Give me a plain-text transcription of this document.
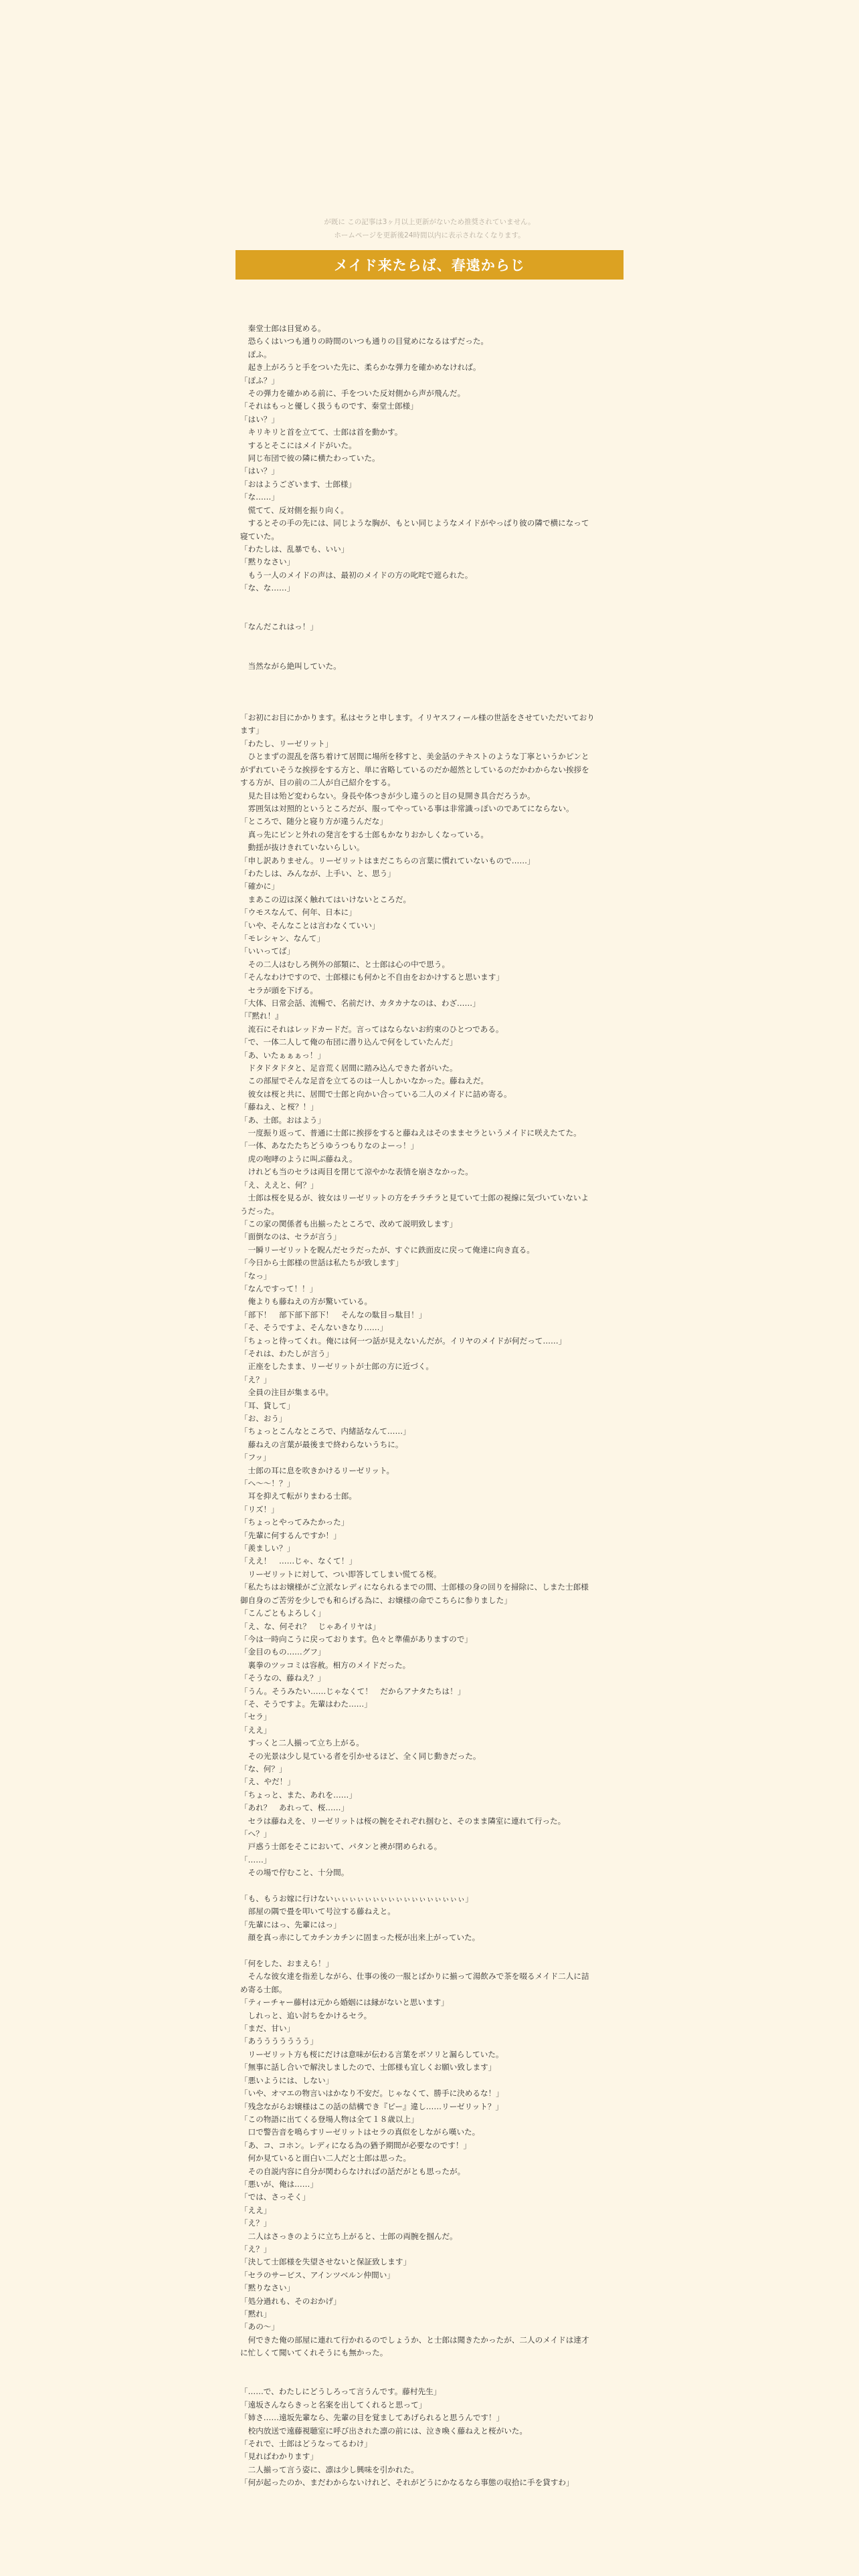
が既に この記事は3ヶ月以上更新がないため推奨されていません。
ホームページを更新後24時間以内に表示されなくなります。
メイド来たらば、春遠からじ

　秦堂士郎は目覚める。

　恐らくはいつも通りの時間のいつも通りの目覚めになるはずだった。

　ぽふ。

　起き上がろうと手をついた先に、柔らかな弾力を確かめなければ。

「ぽふ？」

　その弾力を確かめる前に、手をついた反対側から声が飛んだ。

「それはもっと優しく扱うものです、秦堂士郎様」

「はい？」

　キリキリと首を立てて、士郎は首を動かす。

　するとそこにはメイドがいた。

　同じ布団で彼の隣に横たわっていた。

「はい？」

「おはようございます、士郎様」

「な……」

　慌てて、反対側を振り向く。

　するとその手の先には、同じような胸が、もとい同じようなメイドがやっぱり彼の隣で横になって寝ていた。

「わたしは、乱暴でも、いい」

「黙りなさい」

　もう一人のメイドの声は、最初のメイドの方の叱咤で遮られた。

「な、な……」

「なんだこれはっ！」

　当然ながら絶叫していた。

「お初にお目にかかります。私はセラと申します。イリヤスフィール様の世話をさせていただいております」

「わたし、リーゼリット」

　ひとまずの混乱を落ち着けて居間に場所を移すと、美金話のテキストのような丁寧というかピンとがずれていそうな挨拶をする方と、単に省略しているのだか超然としているのだかわからない挨拶をする方が、目の前の二人が自己紹介をする。

　見た目は殆ど変わらない。身長や体つきが少し違うのと目の見開き具合だろうか。

　雰囲気は対照的というところだが、服ってやっている事は非常識っぽいのであてにならない。

「ところで、随分と寝り方が違うんだな」

　真っ先にピンと外れの発言をする士郎もかなりおかしくなっている。

　動揺が抜けきれていないらしい。

「申し訳ありません。リーゼリットはまだこちらの言葉に慣れていないもので……」

「わたしは、みんなが、上手い、と、思う」

「確かに」

　まあこの辺は深く触れてはいけないところだ。

「ウモスなんて、何年、日本に」

「いや、そんなことは言わなくていい」

「モレシャン、なんて」

「いいってば」

　その二人はむしろ例外の部類に、と士郎は心の中で思う。

「そんなわけですので、士郎様にも何かと不自由をおかけすると思います」

　セラが頭を下げる。

「大体、日常会話、流暢で、名前だけ、カタカナなのは、わざ……」

「『黙れ！』

　流石にそれはレッドカードだ。言ってはならないお約束のひとつである。

「で、一体二人して俺の布団に潜り込んで何をしていたんだ」

「あ、いたぁぁぁっ！」

　ドタドタドタと、足音荒く居間に踏み込んできた者がいた。

　この部屋でそんな足音を立てるのは一人しかいなかった。藤ねえだ。

　彼女は桜と共に、居間で士郎と向かい合っている二人のメイドに詰め寄る。

「藤ねえ、と桜？！」

「あ、士郎。おはよう」

　一度振り返って、普通に士郎に挨拶をすると藤ねえはそのままセラというメイドに咲えたてた。

「一体、あなたたちどうゆうつもりなのよーっ！」

　虎の咆哮のように叫ぶ藤ねえ。

　けれども当のセラは両目を閉じて涼やかな表情を崩さなかった。

「え、ええと、何？」

　士郎は桜を見るが、彼女はリーゼリットの方をチラチラと見ていて士郎の視線に気づいていないようだった。

「この家の関係者も出揃ったところで、改めて説明致します」

「面倒なのは、セラが言う」

　一瞬リーゼリットを睨んだセラだったが、すぐに鉄面皮に戻って俺達に向き直る。

「今日から士郎様の世話は私たちが致します」

「なっ」

「なんですって！！」

　俺よりも藤ねえの方が驚いている。

「部下！　部下部下部下！　そんなの駄目っ駄目！」

「そ、そうですよ、そんないきなり……」

「ちょっと待ってくれ。俺には何一つ話が見えないんだが。イリヤのメイドが何だって……」

「それは、わたしが言う」

　正座をしたまま、リーゼリットが士郎の方に近づく。

「え？」

　全員の注目が集まる中。

「耳、貸して」

「お、おう」

「ちょっとこんなところで、内緒話なんて……」

　藤ねえの言葉が最後まで終わらないうちに。

「フッ」

　士郎の耳に息を吹きかけるリーゼリット。

「へ〜〜！？」

　耳を抑えて転がりまわる士郎。

「リズ！」

「ちょっとやってみたかった」

「先輩に何するんですか！」

「羨ましい？」

「ええ！　……じゃ、なくて！」

　リーゼリットに対して、つい即答してしまい慌てる桜。

「私たちはお嬢様がご立派なレディになられるまでの間、士郎様の身の回りを掃除に、しまた士郎様御自身のご苦労を少しでも和らげる為に、お嬢様の命でこちらに参りました」

「こんごともよろしく」

「え、な、何それ？　じゃあイリヤは」

「今は一時向こうに戻っております。色々と準備がありますので」

「金目のもの……グフ」

　裏拳のツッコミは容赦。相方のメイドだった。

「そうなの、藤ねえ？」

「うん。そうみたい……じゃなくて！　だからアナタたちは！」

「そ、そうですよ。先輩はわた……」

「セラ」

「ええ」

　すっくと二人揃って立ち上がる。

　その光景は少し見ている者を引かせるほど、全く同じ動きだった。

「な、何？」

「え、やだ！」

「ちょっと、また、あれを……」

「あれ？　あれって、桜……」

　セラは藤ねえを、リーゼリットは桜の腕をそれぞれ掴むと、そのまま隣室に連れて行った。

「へ？」

　戸惑う士郎をそこにおいて、パタンと襖が閉められる。

「……」

　その場で佇むこと、十分間。

「も、もうお嫁に行けないぃぃぃぃぃぃぃぃぃぃぃぃぃぃぃぃぃ」

　部屋の隅で畳を叩いて号泣する藤ねえと。

「先輩にはっ、先輩にはっ」

　顔を真っ赤にしてカチンカチンに固まった桜が出来上がっていた。

「何をした、おまえら！」

　そんな彼女達を指差しながら、仕事の後の一服とばかりに揃って湯飲みで茶を啜るメイド二人に詰め寄る士郎。

「ティーチャー藤村は元から婚姻には縁がないと思います」

　しれっと、追い討ちをかけるセラ。

「まだ、甘い」

「あううううううう」

　リーゼリット方も桜にだけは意味が伝わる言葉をボソリと漏らしていた。

「無事に話し合いで解決しましたので、士郎様も宜しくお願い致します」

「悪いようには、しない」

「いや、オマエの物言いはかなり不安だ。じゃなくて、勝手に決めるな！」

「残念ながらお嬢様はこの話の結構でき『ピー』違し……リーゼリット？」

「この物語に出てくる登場人物は全て１８歳以上」

　口で警告音を鳴らすリーゼリットはセラの真似をしながら嘆いた。

「あ、コ、コホン。レディになる為の猶予期間が必要なのです！」

　何か見ていると面白い二人だと士郎は思った。

　その自説内容に自分が関わらなければの話だがとも思ったが。

「悪いが、俺は……」

「では、さっそく」

「ええ」

「え？」

　二人はさっきのように立ち上がると、士郎の両腕を掴んだ。

「え？」

「決して士郎様を失望させないと保証致します」

「セラのサービス、アインツベルン仲間い」

「黙りなさい」

「処分過れも、そのおかげ」

「黙れ」

「あの～」

　何できた俺の部屋に連れて行かれるのでしょうか、と士郎は聞きたかったが、二人のメイドは達才に忙しくて聞いてくれそうにも無かった。

「……で、わたしにどうしろって言うんです。藤村先生」

「遠坂さんならきっと名案を出してくれると思って」

「姉さ……遠坂先輩なら、先輩の目を覚ましてあげられると思うんです！」

　校内放送で遠藤視聴室に呼び出された凛の前には、泣き喚く藤ねえと桜がいた。

「それで、士郎はどうなってるわけ」

「見ればわかります」

　二人揃って言う姿に、凛は少し興味を引かれた。

「何が起ったのか、まだわからないけれど、それがどうにかなるなら事態の収拾に手を貸すわ」
